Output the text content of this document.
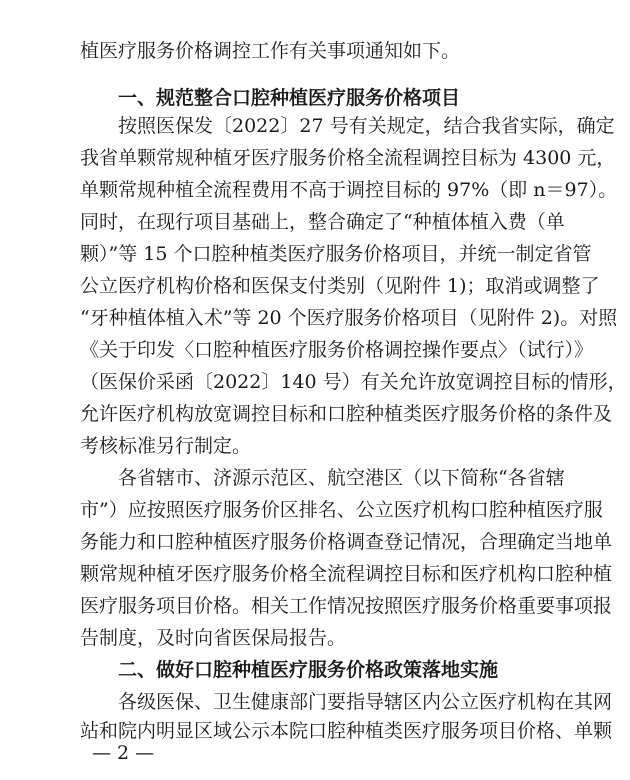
植医疗服务价格调控工作有关事项通知如下。
一、规范整合口腔种植医疗服务价格项目
按照医保发〔2022〕27 号有关规定，结合我省实际，确定
我省单颗常规种植牙医疗服务价格全流程调控目标为 4300 元，
单颗常规种植全流程费用不高于调控目标的 97%（即 n＝97）。
同时，在现行项目基础上，整合确定了“种植体植入费（单
颗）”等 15 个口腔种植类医疗服务价格项目，并统一制定省管
公立医疗机构价格和医保支付类别（见附件 1)；取消或调整了
“牙种植体植入术”等 20 个医疗服务价格项目（见附件 2)。对照
《关于印发〈口腔种植医疗服务价格调控操作要点〉（试行）》
（医保价采函〔2022〕140 号）有关允许放宽调控目标的情形，
允许医疗机构放宽调控目标和口腔种植类医疗服务价格的条件及
考核标准另行制定。
各省辖市、济源示范区、航空港区（以下简称“各省辖
市”）应按照医疗服务价区排名、公立医疗机构口腔种植医疗服
务能力和口腔种植医疗服务价格调查登记情况，合理确定当地单
颗常规种植牙医疗服务价格全流程调控目标和医疗机构口腔种植
医疗服务项目价格。相关工作情况按照医疗服务价格重要事项报
告制度，及时向省医保局报告。
二、做好口腔种植医疗服务价格政策落地实施
各级医保、卫生健康部门要指导辖区内公立医疗机构在其网
站和院内明显区域公示本院口腔种植类医疗服务项目价格、单颗
— 2 —
